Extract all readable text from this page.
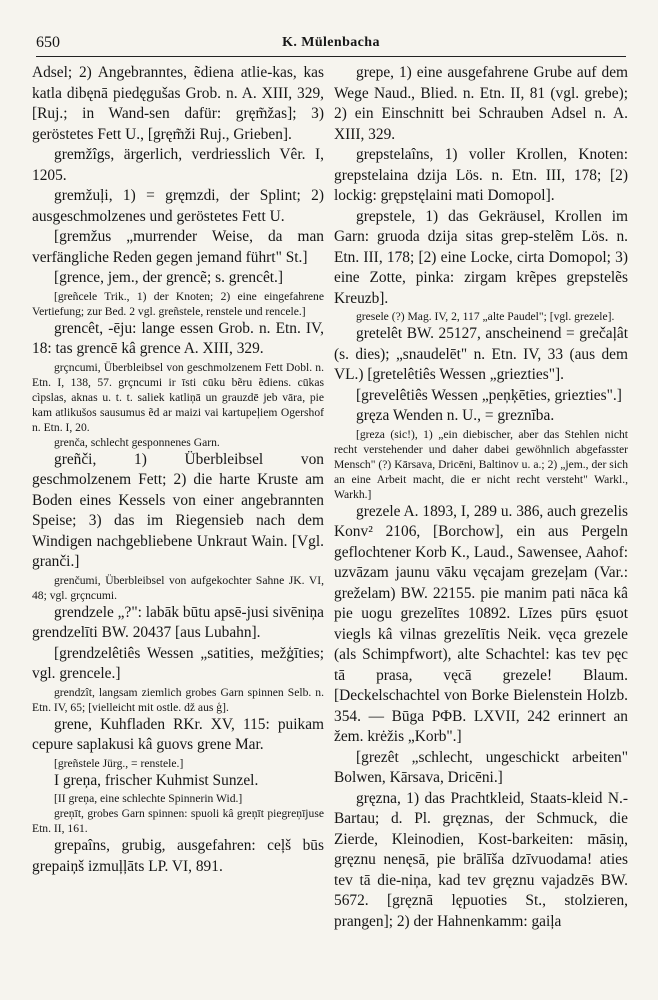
650	K. Mülenbacha

Adsel; 2) Angebranntes, ẽdiena atlie-kas, kas katla dibęnā piedęgušas Grob. n. A. XIII, 329, [Ruj.; in Wand-sen dafür: gręm̃žas]; 3) geröstetes Fett U., [gręm̃ži Ruj., Grieben].

gremžîgs, ärgerlich, verdriesslich Vêr. I, 1205.

gremžuļi, 1) = gręmzdi, der Splint; 2) ausgeschmolzenes und geröstetes Fett U.

[gremžus „murrender Weise, da man verfängliche Reden gegen jemand führt" St.]

[grence, jem., der grencẽ; s. grencêt.]

[greñcele Trik., 1) der Knoten; 2) eine eingefahrene Vertiefung; zur Bed. 2 vgl. greñstele, renstele und rencele.]

grencêt, -ēju: lange essen Grob. n. Etn. IV, 18: tas grencē kâ grence A. XIII, 329.

grçncumi, Überbleibsel von geschmolzenem Fett Dobl. n. Etn. I, 138, 57. grçncumi ir īsti cūku bẽru ẽdiens. cūkas cìpslas, aknas u. t. t. saliek katliņā un grauzdē jeb vāra, pie kam atlikušos sausumus ẽd ar maizi vai kartupeļiem Ogershof n. Etn. I, 20.

grenča, schlecht gesponnenes Garn.

greñči, 1) Überbleibsel von geschmolzenem Fett; 2) die harte Kruste am Boden eines Kessels von einer angebrannten Speise; 3) das im Riegensieb nach dem Windigen nachgebliebene Unkraut Wain. [Vgl. granči.]

grenčumi, Überbleibsel von aufgekochter Sahne JK. VI, 48; vgl. grçncumi.

grendzele „?": labāk būtu apsē-jusi sivēniņa grendzelīti BW. 20437 [aus Lubahn].

[grendzelêtiês Wessen „satities, mežģīties; vgl. grencele.]

grendzît, langsam ziemlich grobes Garn spinnen Selb. n. Etn. IV, 65; [vielleicht mit ostle. dž aus ģ].

grene, Kuhfladen RKr. XV, 115: puikam cepure saplakusi kâ guovs grene Mar.

[greñstele Jürg., = renstele.]

I greņa, frischer Kuhmist Sunzel.

[II greņa, eine schlechte Spinnerin Wid.]

greņīt, grobes Garn spinnen: spuoli kâ greņīt piegreņījuse Etn. II, 161.

grepaîns, grubig, ausgefahren: ceļš būs grepaiņš izmuļļāts LP. VI, 891.

grepe, 1) eine ausgefahrene Grube auf dem Wege Naud., Blied. n. Etn. II, 81 (vgl. grebe); 2) ein Einschnitt bei Schrauben Adsel n. A. XIII, 329.

grepstelaîns, 1) voller Krollen, Knoten: grepstelaina dzija Lös. n. Etn. III, 178; [2) lockig: grępstęlaini mati Domopol].

grepstele, 1) das Gekräusel, Krollen im Garn: gruoda dzija sitas grep-stelẽm Lös. n. Etn. III, 178; [2) eine Locke, cirta Domopol; 3) eine Zotte, pinka: zirgam krẽpes grepstelẽs Kreuzb].

gresele (?) Mag. IV, 2, 117 „alte Paudel"; [vgl. grezele].

gretelêt BW. 25127, anscheinend = grečaļât (s. dies); „snaudelēt" n. Etn. IV, 33 (aus dem VL.) [gretelêtiês Wessen „griezties"].

[grevelêtiês Wessen „peņķēties, griezties".]

gręza Wenden n. U., = greznība.

[greza (sic!), 1) „ein diebischer, aber das Stehlen nicht recht verstehender und daher dabei gewöhnlich abgefasster Mensch" (?) Kārsava, Dricēni, Baltinov u. a.; 2) „jem., der sich an eine Arbeit macht, die er nicht recht versteht" Warkl., Warkh.]

grezele A. 1893, I, 289 u. 386, auch grezelis Konv² 2106, [Borchow], ein aus Pergeln geflochtener Korb K., Laud., Sawensee, Aahof: uzvāzam jaunu vāku vęcajam grezeļam (Var.: greželam) BW. 22155. pie manim pati nāca kâ pie uogu grezelītes 10892. Līzes pūrs ęsuot viegls kâ vilnas grezelītis Neik. vęca grezele (als Schimpfwort), alte Schachtel: kas tev pęc tā prasa, vęcā grezele! Blaum. [Deckelschachtel von Borke Bielenstein Holzb. 354. — Būga РФВ. LXVII, 242 erinnert an žem. krėžis „Korb".]

[grezêt „schlecht, ungeschickt arbeiten" Bolwen, Kārsava, Dricēni.]

gręzna, 1) das Prachtkleid, Staats-kleid N.-Bartau; d. Pl. gręznas, der Schmuck, die Zierde, Kleinodien, Kost-barkeiten: māsiņ, gręznu nenęsā, pie brālīša dzīvuodama! aties tev tā die-niņa, kad tev gręznu vajadzēs BW. 5672. [gręznā lępuoties St., stolzieren, prangen]; 2) der Hahnenkamm: gaiļa
